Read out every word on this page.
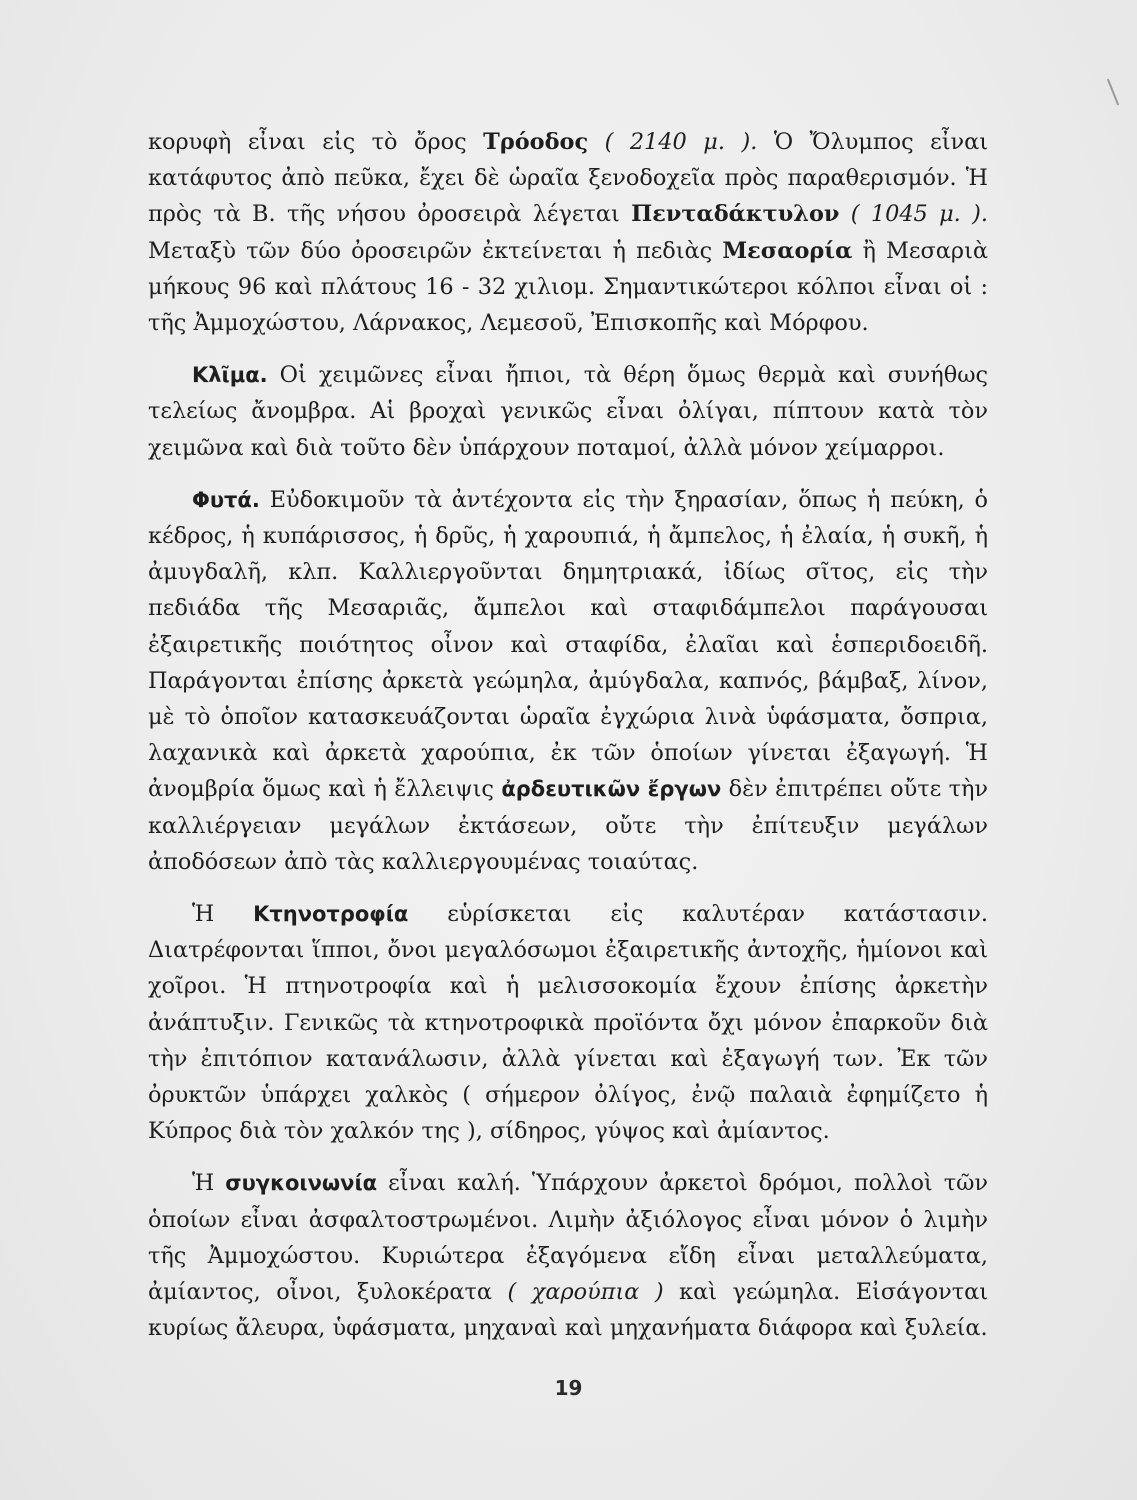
κορυφὴ εἶναι εἰς τὸ ὄρος Τρόοδος ( 2140 μ. ). Ὁ Ὄλυμπος εἶναι κατάφυτος ἀπὸ πεῦκα, ἔχει δὲ ὡραῖα ξενοδοχεῖα πρὸς παραθερισμόν. Ἡ πρὸς τὰ Β. τῆς νήσου ὀροσειρὰ λέγεται Πενταδάκτυλον ( 1045 μ. ). Μεταξὺ τῶν δύο ὀροσειρῶν ἐκτείνεται ἡ πεδιὰς Μεσαορία ἢ Μεσαριὰ μήκους 96 καὶ πλάτους 16 - 32 χιλιομ. Σημαντικώτεροι κόλποι εἶναι οἱ : τῆς Ἀμμοχώστου, Λάρνακος, Λεμεσοῦ, Ἐπισκοπῆς καὶ Μόρφου.

Κλῖμα. Οἱ χειμῶνες εἶναι ἤπιοι, τὰ θέρη ὅμως θερμὰ καὶ συνήθως τελείως ἄνομβρα. Αἱ βροχαὶ γενικῶς εἶναι ὀλίγαι, πίπτουν κατὰ τὸν χειμῶνα καὶ διὰ τοῦτο δὲν ὑπάρχουν ποταμοί, ἀλλὰ μόνον χείμαρροι.

Φυτά. Εὐδοκιμοῦν τὰ ἀντέχοντα εἰς τὴν ξηρασίαν, ὅπως ἡ πεύκη, ὁ κέδρος, ἡ κυπάρισσος, ἡ δρῦς, ἡ χαρουπιά, ἡ ἄμπελος, ἡ ἐλαία, ἡ συκῆ, ἡ ἀμυγδαλῆ, κλπ. Καλλιεργοῦνται δημητριακά, ἰδίως σῖτος, εἰς τὴν πεδιάδα τῆς Μεσαριᾶς, ἄμπελοι καὶ σταφιδάμπελοι παράγουσαι ἐξαιρετικῆς ποιότητος οἶνον καὶ σταφίδα, ἐλαῖαι καὶ ἑσπεριδοειδῆ. Παράγονται ἐπίσης ἀρκετὰ γεώμηλα, ἀμύγδαλα, καπνός, βάμβαξ, λίνον, μὲ τὸ ὁποῖον κατασκευάζονται ὡραῖα ἐγχώρια λινὰ ὑφάσματα, ὄσπρια, λαχανικὰ καὶ ἀρκετὰ χαρούπια, ἐκ τῶν ὁποίων γίνεται ἐξαγωγή. Ἡ ἀνομβρία ὅμως καὶ ἡ ἔλλειψις ἀρδευτικῶν ἔργων δὲν ἐπιτρέπει οὔτε τὴν καλλιέργειαν μεγάλων ἐκτάσεων, οὔτε τὴν ἐπίτευξιν μεγάλων ἀποδόσεων ἀπὸ τὰς καλλιεργουμένας τοιαύτας.

Ἡ Κτηνοτροφία εὑρίσκεται εἰς καλυτέραν κατάστασιν. Διατρέφονται ἵπποι, ὄνοι μεγαλόσωμοι ἐξαιρετικῆς ἀντοχῆς, ἡμίονοι καὶ χοῖροι. Ἡ πτηνοτροφία καὶ ἡ μελισσοκομία ἔχουν ἐπίσης ἀρκετὴν ἀνάπτυξιν. Γενικῶς τὰ κτηνοτροφικὰ προϊόντα ὄχι μόνον ἐπαρκοῦν διὰ τὴν ἐπιτόπιον κατανάλωσιν, ἀλλὰ γίνεται καὶ ἐξαγωγή των. Ἐκ τῶν ὀρυκτῶν ὑπάρχει χαλκὸς ( σήμερον ὀλίγος, ἐνῷ παλαιὰ ἐφημίζετο ἡ Κύπρος διὰ τὸν χαλκόν της ), σίδηρος, γύψος καὶ ἀμίαντος.

Ἡ συγκοινωνία εἶναι καλή. Ὑπάρχουν ἀρκετοὶ δρόμοι, πολλοὶ τῶν ὁποίων εἶναι ἀσφαλτοστρωμένοι. Λιμὴν ἀξιόλογος εἶναι μόνον ὁ λιμὴν τῆς Ἀμμοχώστου. Κυριώτερα ἐξαγόμενα εἴδη εἶναι μεταλλεύματα, ἀμίαντος, οἶνοι, ξυλοκέρατα ( χαρούπια ) καὶ γεώμηλα. Εἰσάγονται κυρίως ἄλευρα, ὑφάσματα, μηχαναὶ καὶ μηχανήματα διάφορα καὶ ξυλεία.

19
